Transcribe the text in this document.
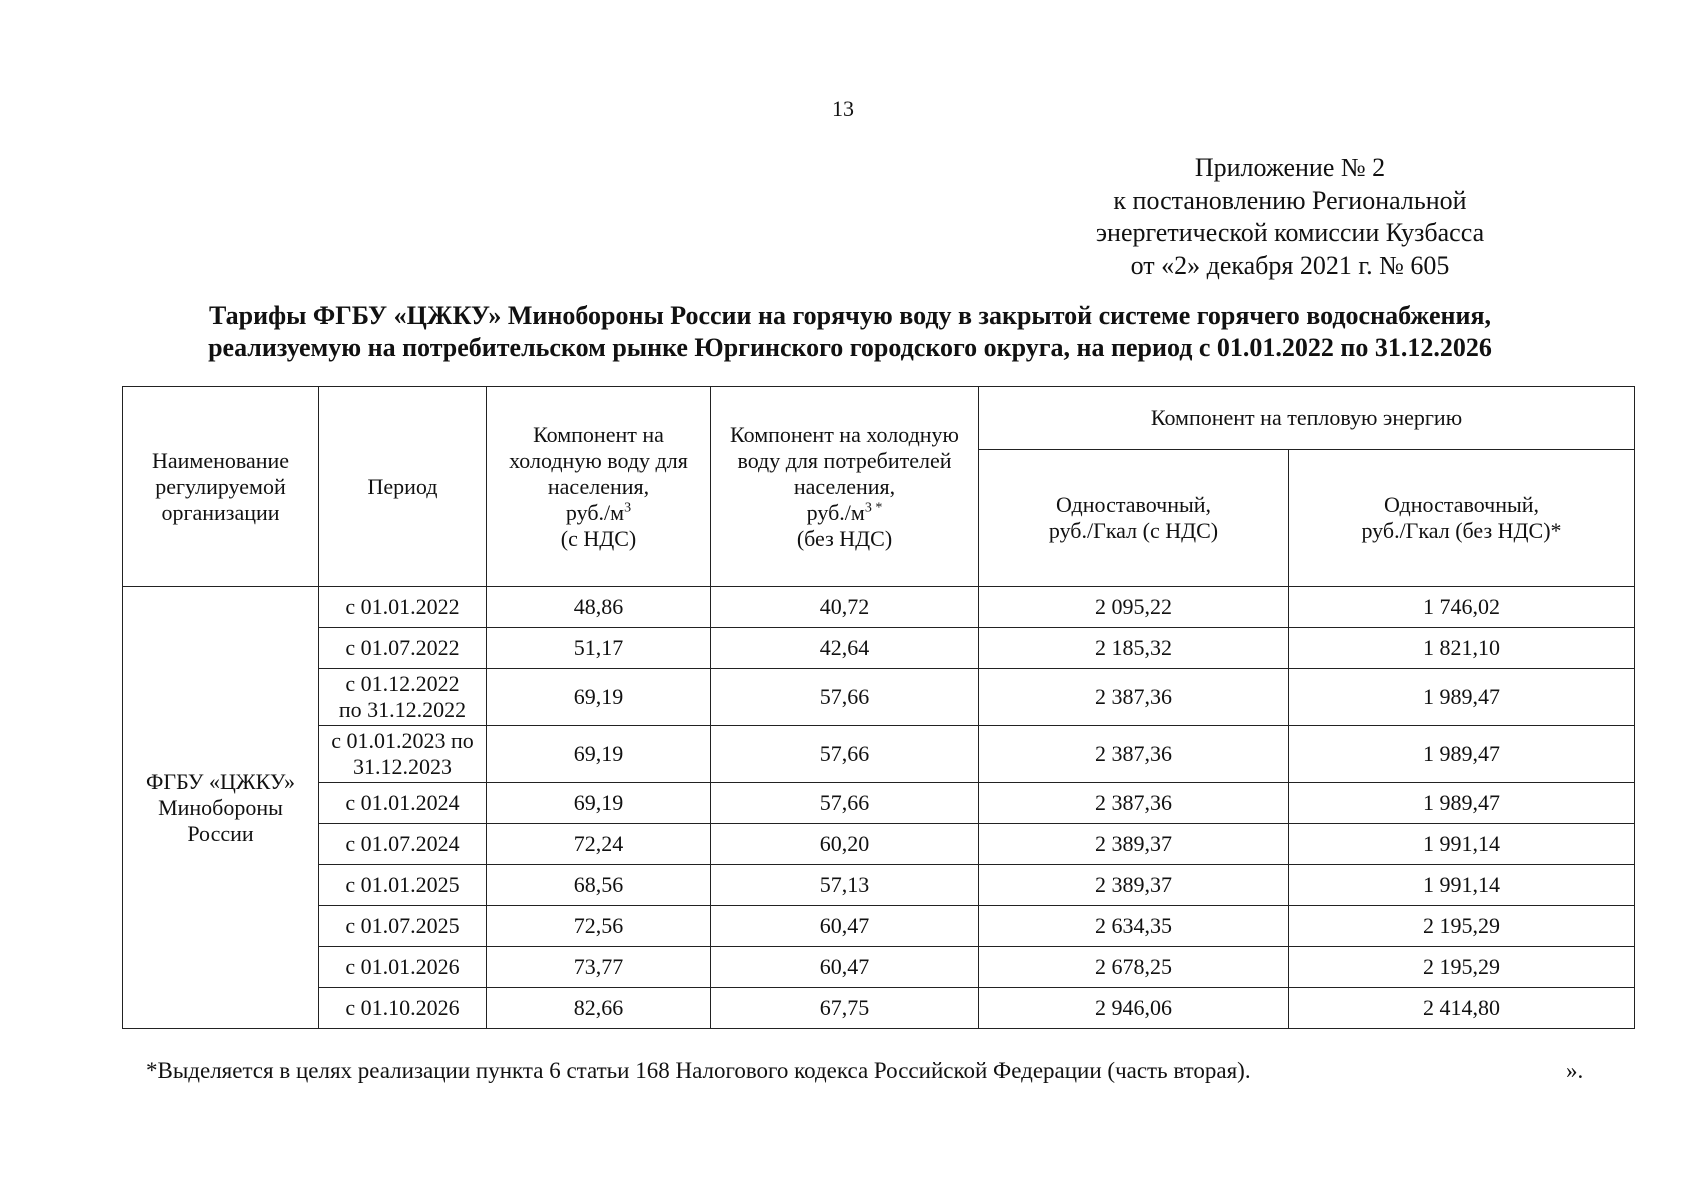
13
Приложение № 2
к постановлению Региональной
энергетической комиссии Кузбасса
от «2» декабря 2021 г. № 605
Тарифы ФГБУ «ЦЖКУ» Минобороны России на горячую воду в закрытой системе горячего водоснабжения,
реализуемую на потребительском рынке Юргинского городского округа, на период с 01.01.2022 по 31.12.2026
Наименование
регулируемой
организации	Период	Компонент на
холодную воду для
населения,
$руб./м^3$
(с НДС)	Компонент на холодную
воду для потребителей
населения,
$руб./м^{3 *}$
(без НДС)	Компонент на тепловую энергию	

				Одноставочный,
руб./Гкал (с НДС)	Одноставочный,
руб./Гкал (без НДС)*

ФГБУ «ЦЖКУ»
Минобороны
России	с 01.01.2022	48,86	40,72	2 095,22	1 746,02

	с 01.07.2022	51,17	42,64	2 185,32	1 821,10

	с 01.12.2022
по 31.12.2022	69,19	57,66	2 387,36	1 989,47

	с 01.01.2023 по
31.12.2023	69,19	57,66	2 387,36	1 989,47

	с 01.01.2024	69,19	57,66	2 387,36	1 989,47

	с 01.07.2024	72,24	60,20	2 389,37	1 991,14

	с 01.01.2025	68,56	57,13	2 389,37	1 991,14

	с 01.07.2025	72,56	60,47	2 634,35	2 195,29

	с 01.01.2026	73,77	60,47	2 678,25	2 195,29

	с 01.10.2026	82,66	67,75	2 946,06	2 414,80
*Выделяется в целях реализации пункта 6 статьи 168 Налогового кодекса Российской Федерации (часть вторая).	».
